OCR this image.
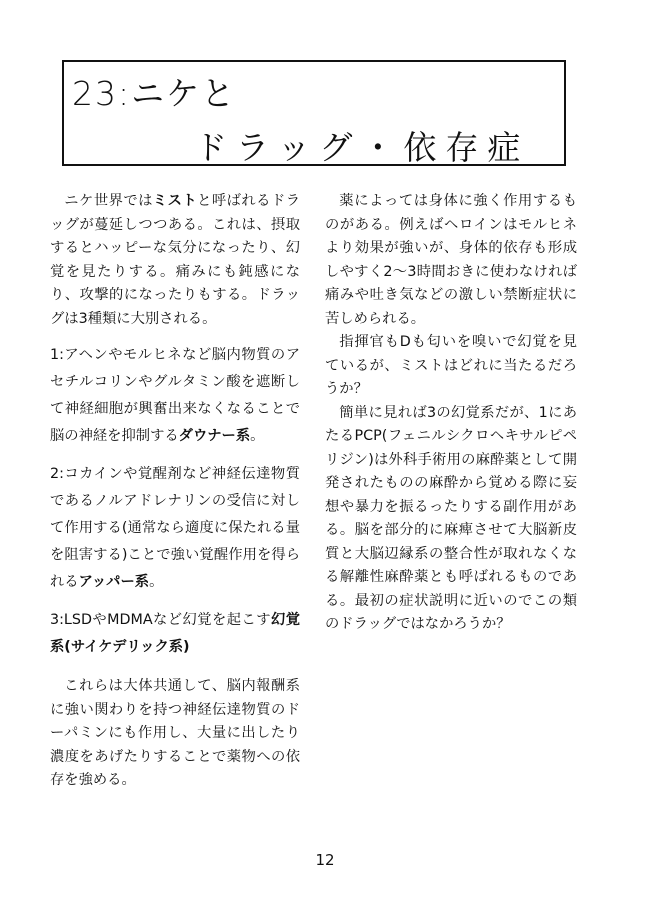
23:ニケと
ドラッグ・依存症

ニケ世界ではミストと呼ばれるドラッグが蔓延しつつある。これは、摂取するとハッピーな気分になったり、幻覚を見たりする。痛みにも鈍感になり、攻撃的になったりもする。ドラッグは3種類に大別される。

1:アヘンやモルヒネなど脳内物質のアセチルコリンやグルタミン酸を遮断して神経細胞が興奮出来なくなることで脳の神経を抑制するダウナー系。

2:コカインや覚醒剤など神経伝達物質であるノルアドレナリンの受信に対して作用する(通常なら適度に保たれる量を阻害する)ことで強い覚醒作用を得られるアッパー系。

3:LSDやMDMAなど幻覚を起こす幻覚系(サイケデリック系)

これらは大体共通して、脳内報酬系に強い関わりを持つ神経伝達物質のドーパミンにも作用し、大量に出したり濃度をあげたりすることで薬物への依存を強める。

薬によっては身体に強く作用するものがある。例えばヘロインはモルヒネより効果が強いが、身体的依存も形成しやすく2〜3時間おきに使わなければ痛みや吐き気などの激しい禁断症状に苦しめられる。

指揮官もDも匂いを嗅いで幻覚を見ているが、ミストはどれに当たるだろうか？

簡単に見れば3の幻覚系だが、1にあたるPCP(フェニルシクロヘキサルピペリジン)は外科手術用の麻酔薬として開発されたものの麻酔から覚める際に妄想や暴力を振るったりする副作用がある。脳を部分的に麻痺させて大脳新皮質と大脳辺縁系の整合性が取れなくなる解離性麻酔薬とも呼ばれるものである。最初の症状説明に近いのでこの類のドラッグではなかろうか？

12
